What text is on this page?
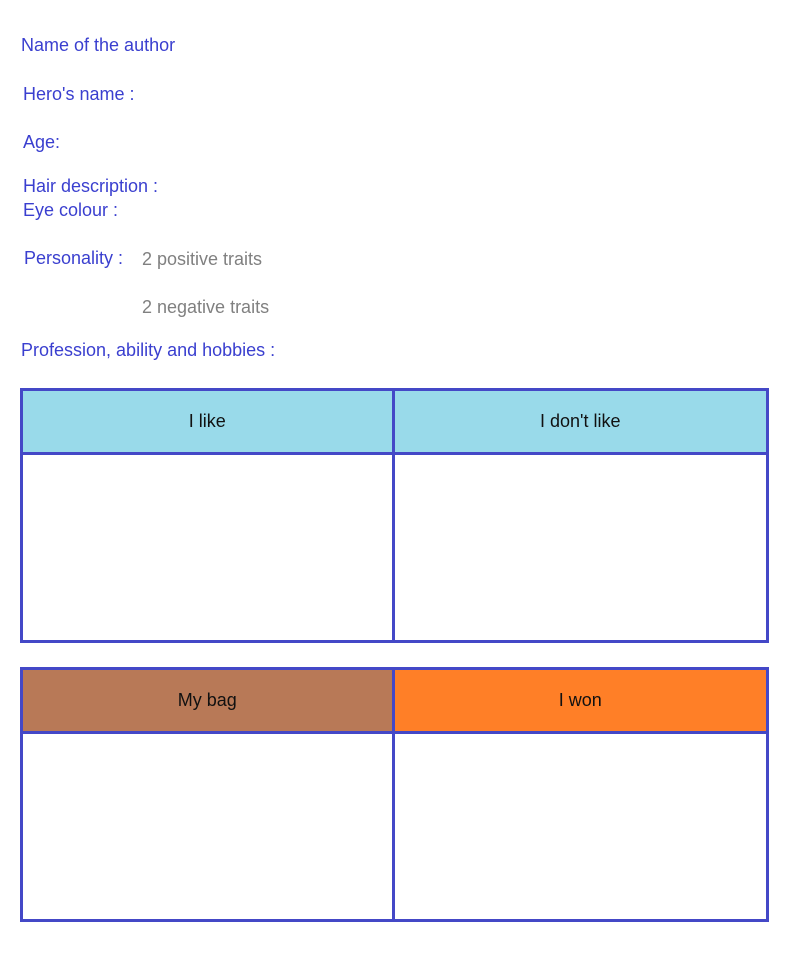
Name of the author
Hero's name :
Age:
Hair description :
Eye colour :
Personality : 2 positive traits
2 negative traits
Profession, ability and hobbies :
I like	I don't like
My bag	I won
